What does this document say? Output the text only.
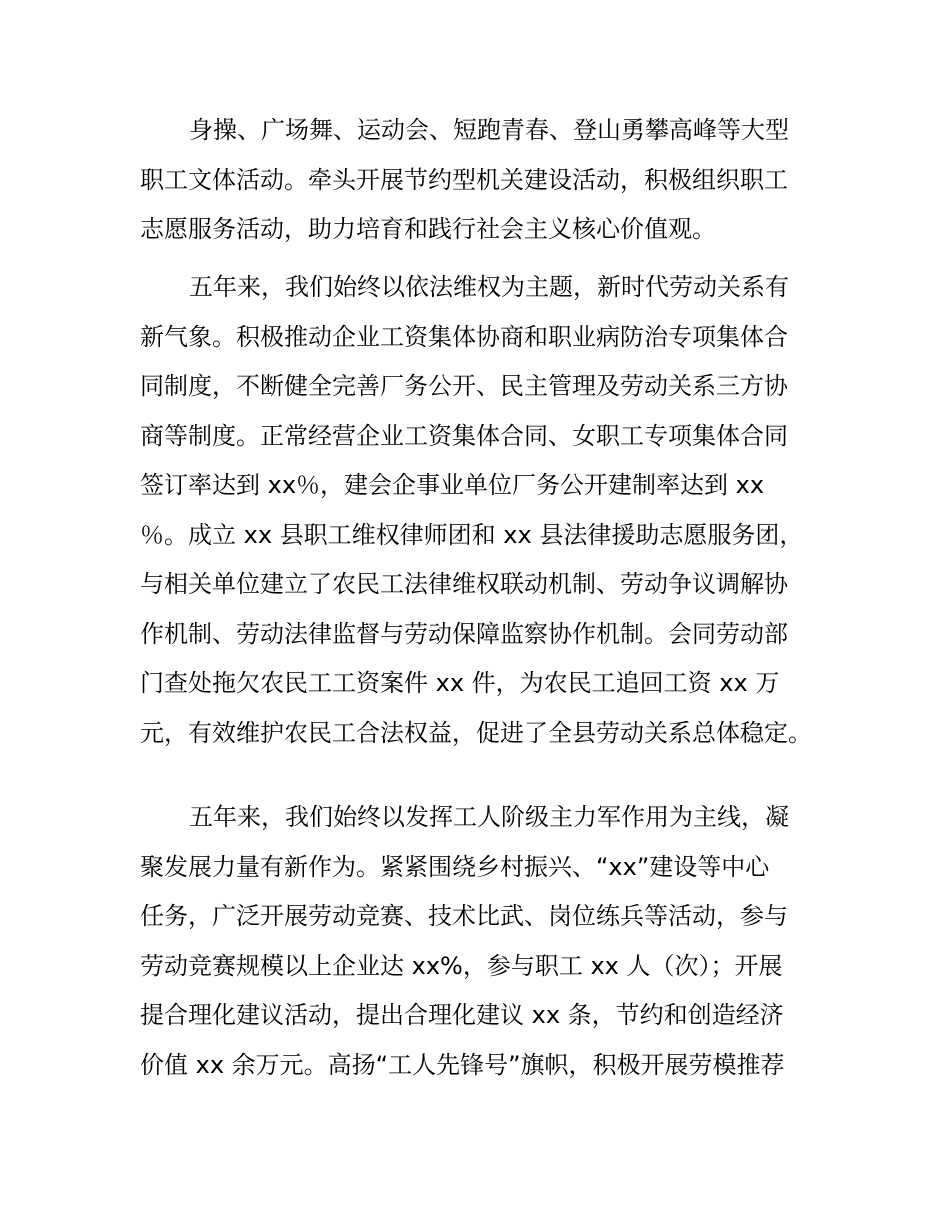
身操、广场舞、运动会、短跑青春、登山勇攀高峰等大型
职工文体活动。牵头开展节约型机关建设活动，积极组织职工
志愿服务活动，助力培育和践行社会主义核心价值观。
五年来，我们始终以依法维权为主题，新时代劳动关系有
新气象。积极推动企业工资集体协商和职业病防治专项集体合
同制度，不断健全完善厂务公开、民主管理及劳动关系三方协
商等制度。正常经营企业工资集体合同、女职工专项集体合同
签订率达到 xx％，建会企事业单位厂务公开建制率达到 xx
％。成立 xx 县职工维权律师团和 xx 县法律援助志愿服务团，
与相关单位建立了农民工法律维权联动机制、劳动争议调解协
作机制、劳动法律监督与劳动保障监察协作机制。会同劳动部
门查处拖欠农民工工资案件 xx 件，为农民工追回工资 xx 万
元，有效维护农民工合法权益，促进了全县劳动关系总体稳定。
五年来，我们始终以发挥工人阶级主力军作用为主线，凝
聚发展力量有新作为。紧紧围绕乡村振兴、“xx”建设等中心
任务，广泛开展劳动竞赛、技术比武、岗位练兵等活动，参与
劳动竞赛规模以上企业达 xx%，参与职工 xx 人（次）；开展
提合理化建议活动，提出合理化建议 xx 条，节约和创造经济
价值 xx 余万元。高扬“工人先锋号”旗帜，积极开展劳模推荐
